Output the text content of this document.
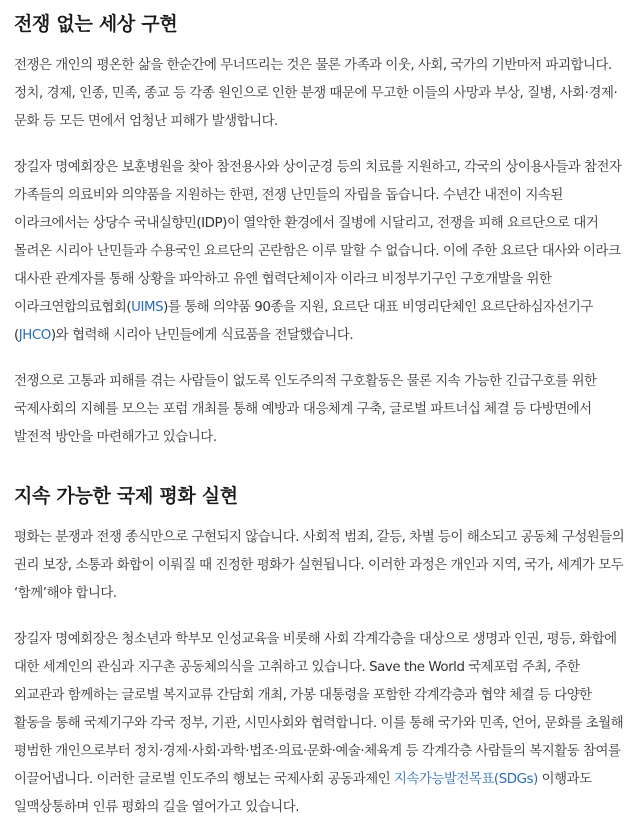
전쟁 없는 세상 구현

전쟁은 개인의 평온한 삶을 한순간에 무너뜨리는 것은 물론 가족과 이웃, 사회, 국가의 기반마저 파괴합니다. 정치, 경제, 인종, 민족, 종교 등 각종 원인으로 인한 분쟁 때문에 무고한 이들의 사망과 부상, 질병, 사회·경제·문화 등 모든 면에서 엄청난 피해가 발생합니다.

장길자 명예회장은 보훈병원을 찾아 참전용사와 상이군경 등의 치료를 지원하고, 각국의 상이용사들과 참전자 가족들의 의료비와 의약품을 지원하는 한편, 전쟁 난민들의 자립을 돕습니다. 수년간 내전이 지속된 이라크에서는 상당수 국내실향민(IDP)이 열악한 환경에서 질병에 시달리고, 전쟁을 피해 요르단으로 대거 몰려온 시리아 난민들과 수용국인 요르단의 곤란함은 이루 말할 수 없습니다. 이에 주한 요르단 대사와 이라크 대사관 관계자를 통해 상황을 파악하고 유엔 협력단체이자 이라크 비정부기구인 구호개발을 위한 이라크연합의료협회(UIMS)를 통해 의약품 90종을 지원, 요르단 대표 비영리단체인 요르단하심자선기구(JHCO)와 협력해 시리아 난민들에게 식료품을 전달했습니다.

전쟁으로 고통과 피해를 겪는 사람들이 없도록 인도주의적 구호활동은 물론 지속 가능한 긴급구호를 위한 국제사회의 지혜를 모으는 포럼 개최를 통해 예방과 대응체계 구축, 글로벌 파트너십 체결 등 다방면에서 발전적 방안을 마련해가고 있습니다.

지속 가능한 국제 평화 실현

평화는 분쟁과 전쟁 종식만으로 구현되지 않습니다. 사회적 범죄, 갈등, 차별 등이 해소되고 공동체 구성원들의 권리 보장, 소통과 화합이 이뤄질 때 진정한 평화가 실현됩니다. 이러한 과정은 개인과 지역, 국가, 세계가 모두 ‘함께’해야 합니다.

장길자 명예회장은 청소년과 학부모 인성교육을 비롯해 사회 각계각층을 대상으로 생명과 인권, 평등, 화합에 대한 세계인의 관심과 지구촌 공동체의식을 고취하고 있습니다. Save the World 국제포럼 주최, 주한 외교관과 함께하는 글로벌 복지교류 간담회 개최, 가봉 대통령을 포함한 각계각층과 협약 체결 등 다양한 활동을 통해 국제기구와 각국 정부, 기관, 시민사회와 협력합니다. 이를 통해 국가와 민족, 언어, 문화를 초월해 평범한 개인으로부터 정치·경제·사회·과학·법조·의료·문화·예술·체육계 등 각계각층 사람들의 복지활동 참여를 이끌어냅니다. 이러한 글로벌 인도주의 행보는 국제사회 공동과제인 지속가능발전목표(SDGs) 이행과도 일맥상통하며 인류 평화의 길을 열어가고 있습니다.
